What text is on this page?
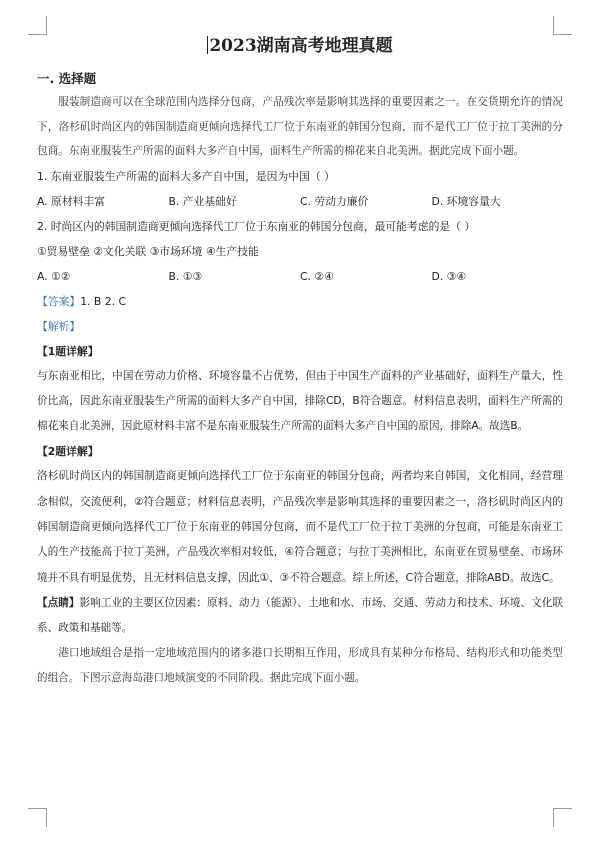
2023湖南高考地理真题

一. 选择题

服装制造商可以在全球范围内选择分包商，产品残次率是影响其选择的重要因素之一。在交货期允许的情况下，洛杉矶时尚区内的韩国制造商更倾向选择代工厂位于东南亚的韩国分包商，而不是代工厂位于拉丁美洲的分包商。东南亚服装生产所需的面料大多产自中国，面料生产所需的棉花来自北美洲。据此完成下面小题。

1. 东南亚服装生产所需的面料大多产自中国，是因为中国（ ）

A. 原材料丰富	B. 产业基础好	C. 劳动力廉价	D. 环境容量大

2. 时尚区内的韩国制造商更倾向选择代工厂位于东南亚的韩国分包商，最可能考虑的是（ ）

①贸易壁垒 ②文化关联 ③市场环境 ④生产技能

A. ①②	B. ①③	C. ②④	D. ③④

【答案】1. B 2. C

【解析】

【1题详解】

与东南亚相比，中国在劳动力价格、环境容量不占优势，但由于中国生产面料的产业基础好，面料生产量大，性价比高，因此东南亚服装生产所需的面料大多产自中国，排除CD，B符合题意。材料信息表明，面料生产所需的棉花来自北美洲，因此原材料丰富不是东南亚服装生产所需的面料大多产自中国的原因，排除A。故选B。

【2题详解】

洛杉矶时尚区内的韩国制造商更倾向选择代工厂位于东南亚的韩国分包商，两者均来自韩国，文化相同，经营理念相似，交流便利，②符合题意；材料信息表明，产品残次率是影响其选择的重要因素之一，洛杉矶时尚区内的韩国制造商更倾向选择代工厂位于东南亚的韩国分包商，而不是代工厂位于拉丁美洲的分包商，可能是东南亚工人的生产技能高于拉丁美洲，产品残次率相对较低，④符合题意；与拉丁美洲相比，东南亚在贸易壁垒、市场环境并不具有明显优势，且无材料信息支撑，因此①、③不符合题意。综上所述，C符合题意，排除ABD。故选C。

【点睛】影响工业的主要区位因素：原料、动力（能源）、土地和水、市场、交通、劳动力和技术、环境、文化联系、政策和基础等。

港口地域组合是指一定地域范围内的诸多港口长期相互作用，形成具有某种分布格局、结构形式和功能类型的组合。下图示意海岛港口地域演变的不同阶段。据此完成下面小题。
